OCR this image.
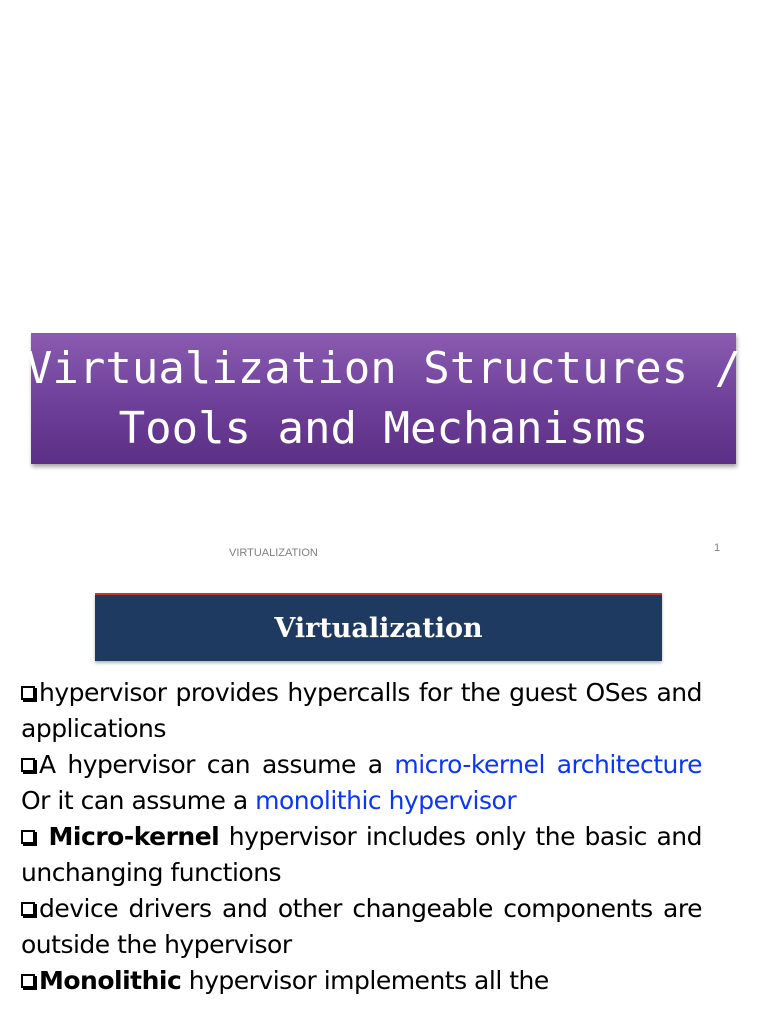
Virtualization Structures /
Tools and Mechanisms
VIRTUALIZATION	1
Virtualization

hypervisor provides hypercalls for the guest OSes and applications

A hypervisor can assume a micro-kernel architecture Or it can assume a monolithic hypervisor

Micro-kernel hypervisor includes only the basic and unchanging functions

device drivers and other changeable components are outside the hypervisor

Monolithic hypervisor implements all the
